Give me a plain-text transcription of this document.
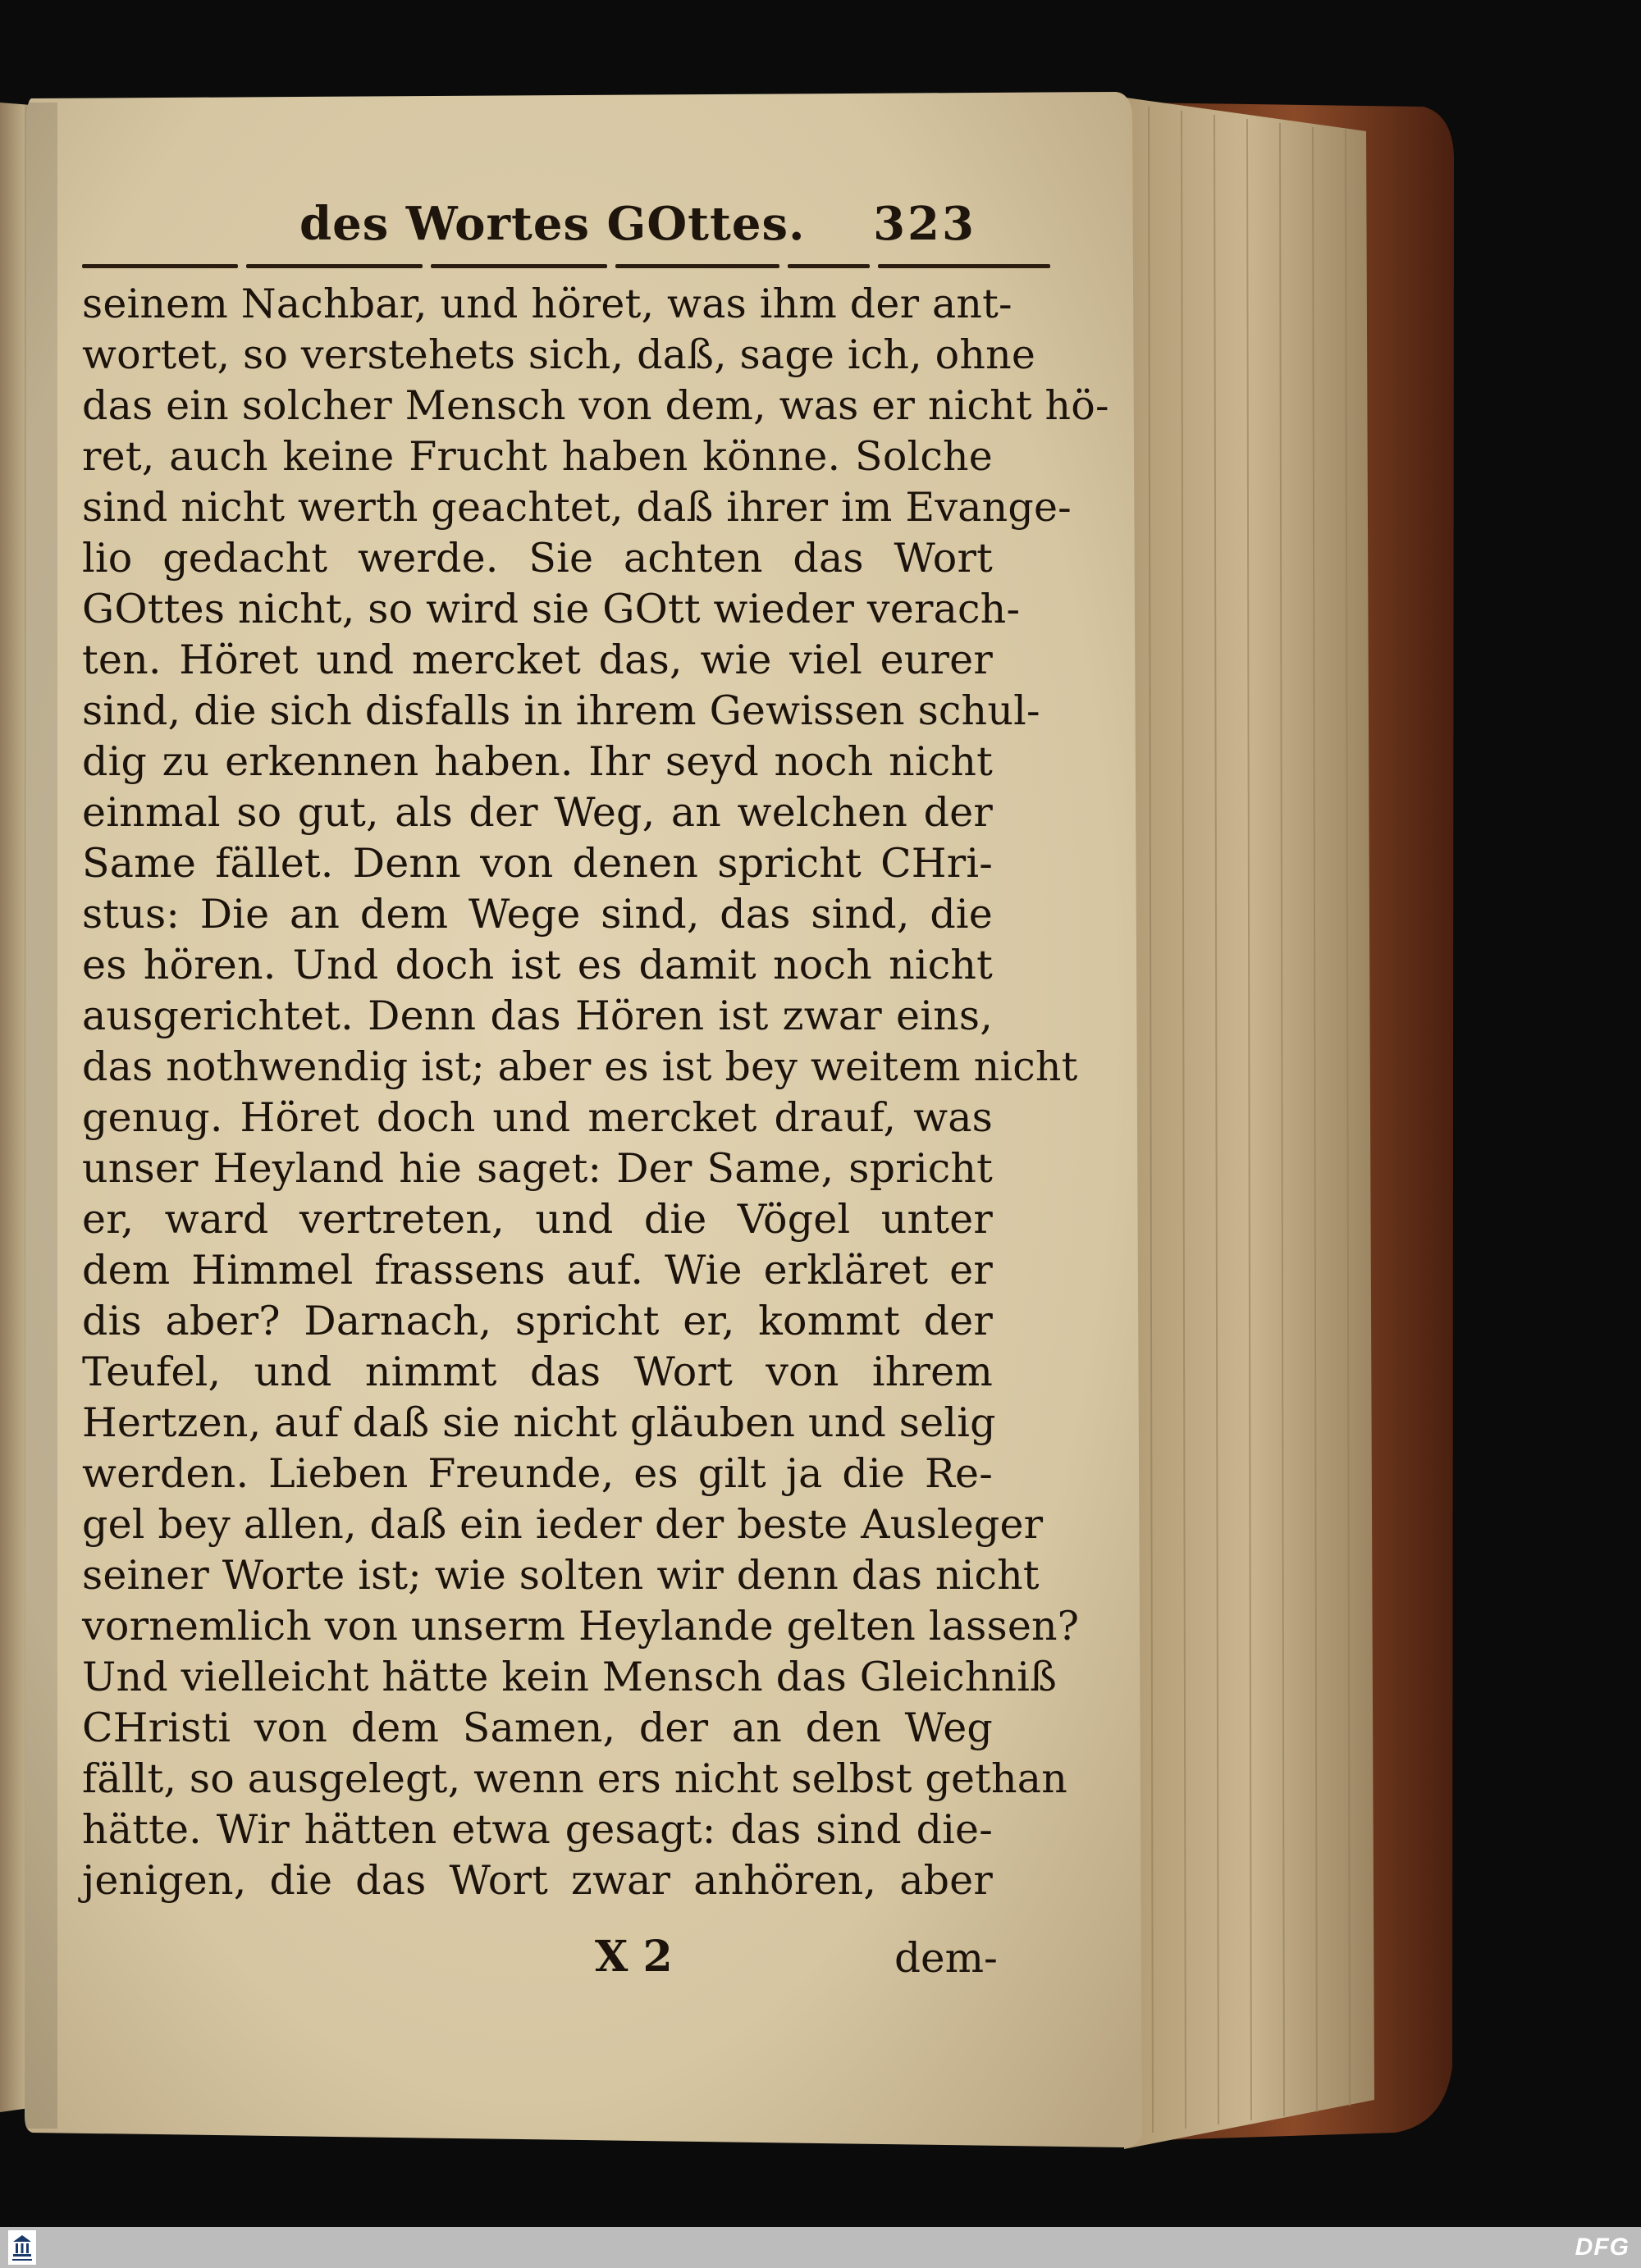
des Wortes GOttes. 323
seinem Nachbar, und höret, was ihm der ant-
wortet, so verstehets sich, daß, sage ich, ohne
das ein solcher Mensch von dem, was er nicht hö-
ret, auch keine Frucht haben könne. Solche
sind nicht werth geachtet, daß ihrer im Evange-
lio gedacht werde. Sie achten das Wort
GOttes nicht, so wird sie GOtt wieder verach-
ten. Höret und mercket das, wie viel eurer
sind, die sich disfalls in ihrem Gewissen schul-
dig zu erkennen haben. Ihr seyd noch nicht
einmal so gut, als der Weg, an welchen der
Same fället. Denn von denen spricht CHri-
stus: Die an dem Wege sind, das sind, die
es hören. Und doch ist es damit noch nicht
ausgerichtet. Denn das Hören ist zwar eins,
das nothwendig ist; aber es ist bey weitem nicht
genug. Höret doch und mercket drauf, was
unser Heyland hie saget: Der Same, spricht
er, ward vertreten, und die Vögel unter
dem Himmel frassens auf. Wie erkläret er
dis aber? Darnach, spricht er, kommt der
Teufel, und nimmt das Wort von ihrem
Hertzen, auf daß sie nicht gläuben und selig
werden. Lieben Freunde, es gilt ja die Re-
gel bey allen, daß ein ieder der beste Ausleger
seiner Worte ist; wie solten wir denn das nicht
vornemlich von unserm Heylande gelten lassen?
Und vielleicht hätte kein Mensch das Gleichniß
CHristi von dem Samen, der an den Weg
fällt, so ausgelegt, wenn ers nicht selbst gethan
hätte. Wir hätten etwa gesagt: das sind die-
jenigen, die das Wort zwar anhören, aber
X 2	dem-
DFG
